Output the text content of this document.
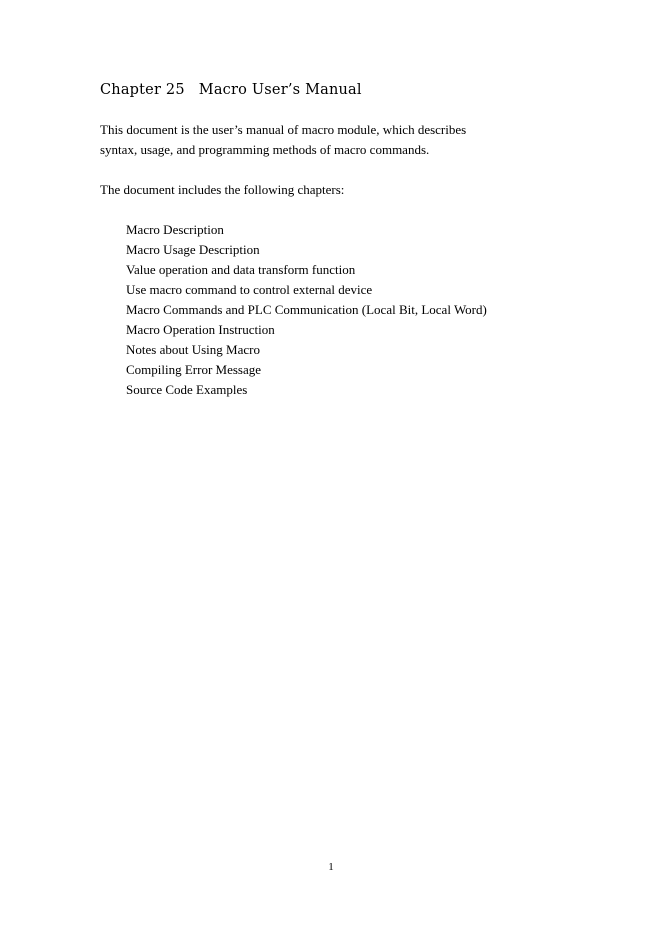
Chapter 25 Macro User’s Manual

This document is the user’s manual of macro module, which describes
syntax, usage, and programming methods of macro commands.

The document includes the following chapters:

Macro Description
Macro Usage Description
Value operation and data transform function
Use macro command to control external device
Macro Commands and PLC Communication (Local Bit, Local Word)
Macro Operation Instruction
Notes about Using Macro
Compiling Error Message
Source Code Examples
1
